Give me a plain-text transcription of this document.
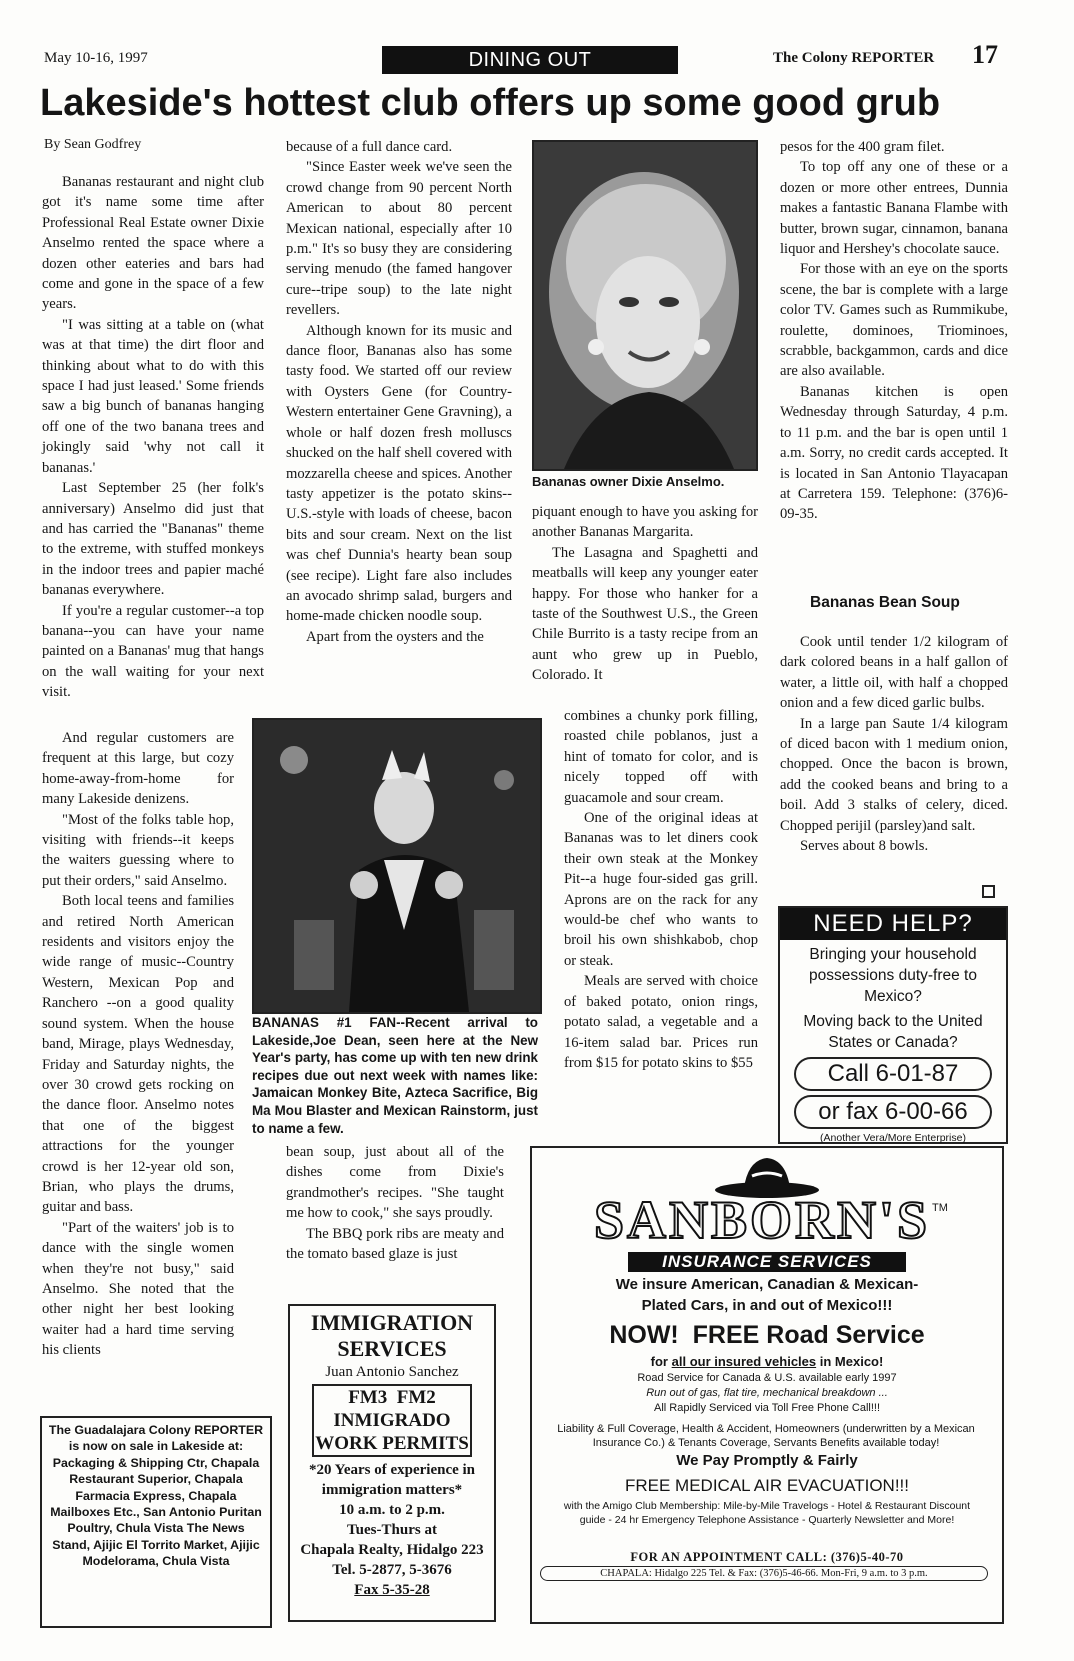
May 10-16, 1997	DINING OUT	The Colony REPORTER 17
Lakeside's hottest club offers up some good grub
By Sean Godfrey

Bananas restaurant and night club got it's name some time after Professional Real Estate owner Dixie Anselmo rented the space where a dozen other eateries and bars had come and gone in the space of a few years.

"I was sitting at a table on (what was at that time) the dirt floor and thinking about what to do with this space I had just leased.' Some friends saw a big bunch of bananas hanging off one of the two banana trees and jokingly said 'why not call it bananas.'

Last September 25 (her folk's anniversary) Anselmo did just that and has carried the "Bananas" theme to the extreme, with stuffed monkeys in the indoor trees and papier maché bananas everywhere.

If you're a regular customer--a top banana--you can have your name painted on a Bananas' mug that hangs on the wall waiting for your next visit.

And regular customers are frequent at this large, but cozy home-away-from-home for many Lakeside denizens.

"Most of the folks table hop, visiting with friends--it keeps the waiters guessing where to put their orders," said Anselmo.

Both local teens and families and retired North American residents and visitors enjoy the wide range of music--Country Western, Mexican Pop and Ranchero --on a good quality sound system. When the house band, Mirage, plays Wednesday, Friday and Saturday nights, the over 30 crowd gets rocking on the dance floor. Anselmo notes that one of the biggest attractions for the younger crowd is her 12-year old son, Brian, who plays the drums, guitar and bass.

"Part of the waiters' job is to dance with the single women when they're not busy," said Anselmo. She noted that the other night her best looking waiter had a hard time serving his clients

because of a full dance card.

"Since Easter week we've seen the crowd change from 90 percent North American to about 80 percent Mexican national, especially after 10 p.m." It's so busy they are considering serving menudo (the famed hangover cure--tripe soup) to the late night revellers.

Although known for its music and dance floor, Bananas also has some tasty food. We started off our review with Oysters Gene (for Country-Western entertainer Gene Gravning), a whole or half dozen fresh molluscs shucked on the half shell covered with mozzarella cheese and spices. Another tasty appetizer is the potato skins--U.S.-style with loads of cheese, bacon bits and sour cream. Next on the list was chef Dunnia's hearty bean soup (see recipe). Light fare also includes an avocado shrimp salad, burgers and home-made chicken noodle soup.

Apart from the oysters and the

bean soup, just about all of the dishes come from Dixie's grandmother's recipes. "She taught me how to cook," she says proudly.

The BBQ pork ribs are meaty and the tomato based glaze is just

Bananas owner Dixie Anselmo.

piquant enough to have you asking for another Bananas Margarita.

The Lasagna and Spaghetti and meatballs will keep any younger eater happy. For those who hanker for a taste of the Southwest U.S., the Green Chile Burrito is a tasty recipe from an aunt who grew up in Pueblo, Colorado. It

combines a chunky pork filling, roasted chile poblanos, just a hint of tomato for color, and is nicely topped off with guacamole and sour cream.

One of the original ideas at Bananas was to let diners cook their own steak at the Monkey Pit--a huge four-sided gas grill. Aprons are on the rack for any would-be chef who wants to broil his own shishkabob, chop or steak.

Meals are served with choice of baked potato, onion rings, potato salad, a vegetable and a 16-item salad bar. Prices run from $15 for potato skins to $55

BANANAS #1 FAN--Recent arrival to Lakeside,Joe Dean, seen here at the New Year's party, has come up with ten new drink recipes due out next week with names like: Jamaican Monkey Bite, Azteca Sacrifice, Big Ma Mou Blaster and Mexican Rainstorm, just to name a few.

pesos for the 400 gram filet.

To top off any one of these or a dozen or more other entrees, Dunnia makes a fantastic Banana Flambe with butter, brown sugar, cinnamon, banana liquor and Hershey's chocolate sauce.

For those with an eye on the sports scene, the bar is complete with a large color TV. Games such as Rummikube, roulette, dominoes, Triominoes, scrabble, backgammon, cards and dice are also available.

Bananas kitchen is open Wednesday through Saturday, 4 p.m. to 11 p.m. and the bar is open until 1 a.m. Sorry, no credit cards accepted. It is located in San Antonio Tlayacapan at Carretera 159. Telephone: (376)6-09-35.

Bananas Bean Soup

Cook until tender 1/2 kilogram of dark colored beans in a half gallon of water, a little oil, with half a chopped onion and a few diced garlic bulbs.

In a large pan Saute 1/4 kilogram of diced bacon with 1 medium onion, chopped. Once the bacon is brown, add the cooked beans and bring to a boil. Add 3 stalks of celery, diced. Chopped perijil (parsley)and salt.

Serves about 8 bowls.

NEED HELP?
Bringing your household possessions duty-free to Mexico?
Moving back to the United States or Canada?
Call 6-01-87
or fax 6-00-66
(Another Vera/More Enterprise)
The Guadalajara Colony REPORTER
is now on sale in Lakeside at:
Packaging & Shipping Ctr, Chapala Restaurant Superior, Chapala Farmacia Express, Chapala Mailboxes Etc., San Antonio Puritan Poultry, Chula Vista The News Stand, Ajijic El Torrito Market, Ajijic Modelorama, Chula Vista
IMMIGRATION
SERVICES
Juan Antonio Sanchez
FM3  FM2
INMIGRADO
WORK PERMITS
*20 Years of experience in immigration matters*
10 a.m. to 2 p.m.
Tues-Thurs at
Chapala Realty, Hidalgo 223
Tel. 5-2877, 5-3676
Fax 5-35-28
SANBORN'S TM
INSURANCE SERVICES
We insure American, Canadian & Mexican-Plated Cars, in and out of Mexico!!!
NOW! FREE Road Service
for all our insured vehicles in Mexico!
Road Service for Canada & U.S. available early 1997
Run out of gas, flat tire, mechanical breakdown ...
All Rapidly Serviced via Toll Free Phone Call!!!
Liability & Full Coverage, Health & Accident, Homeowners (underwritten by a Mexican Insurance Co.) & Tenants Coverage, Servants Benefits available today!
We Pay Promptly & Fairly
FREE MEDICAL AIR EVACUATION!!!
with the Amigo Club Membership: Mile-by-Mile Travelogs - Hotel & Restaurant Discount guide - 24 hr Emergency Telephone Assistance - Quarterly Newsletter and More!
FOR AN APPOINTMENT CALL: (376)5-40-70
CHAPALA: Hidalgo 225 Tel. & Fax: (376)5-46-66. Mon-Fri, 9 a.m. to 3 p.m.
